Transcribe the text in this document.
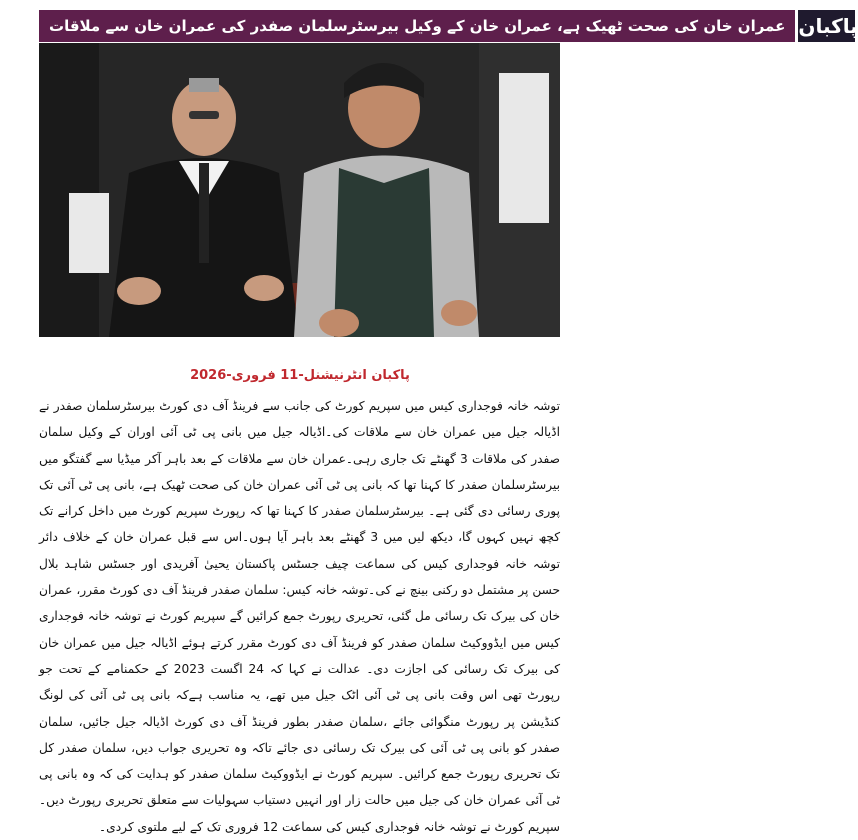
عمران خان کی صحت ٹھیک ہے، عمران خان کے وکیل بیرسٹرسلمان صفدر کی عمران خان سے ملاقات پاکبان
پاکبان انٹرنیشنل-11 فروری-2026
توشہ خانہ فوجداری کیس میں سپریم کورٹ کی جانب سے فرینڈ آف دی کورٹ بیرسٹرسلمان صفدر نے اڈیالہ جیل میں عمران خان سے ملاقات کی۔اڈیالہ جیل میں بانی پی ٹی آئی اوران کے وکیل سلمان صفدر کی ملاقات 3 گھنٹے تک جاری رہی۔عمران خان سے ملاقات کے بعد باہر آکر میڈیا سے گفتگو میں بیرسٹرسلمان صفدر کا کہنا تھا کہ بانی پی ٹی آئی عمران خان کی صحت ٹھیک ہے، بانی پی ٹی آئی تک پوری رسائی دی گئی ہے۔ بیرسٹرسلمان صفدر کا کہنا تھا کہ رپورٹ سپریم کورٹ میں داخل کرانے تک کچھ نہیں کہوں گا، دیکھ لیں میں 3 گھنٹے بعد باہر آیا ہوں۔اس سے قبل عمران خان کے خلاف دائر توشہ خانہ فوجداری کیس کی سماعت چیف جسٹس پاکستان یحییٰ آفریدی اور جسٹس شاہد بلال حسن پر مشتمل دو رکنی بینچ نے کی۔توشہ خانہ کیس: سلمان صفدر فرینڈ آف دی کورٹ مقرر، عمران خان کی بیرک تک رسائی مل گئی، تحریری رپورٹ جمع کرائیں گے سپریم کورٹ نے توشہ خانہ فوجداری کیس میں ایڈووکیٹ سلمان صفدر کو فرینڈ آف دی کورٹ مقرر کرتے ہوئے اڈیالہ جیل میں عمران خان کی بیرک تک رسائی کی اجازت دی۔ عدالت نے کہا کہ 24 اگست 2023 کے حکمنامے کے تحت جو رپورٹ تھی اس وقت بانی پی ٹی آئی اٹک جیل میں تھے، یہ مناسب ہےکہ بانی پی ٹی آئی کی لونگ کنڈیشن پر رپورٹ منگوائی جائے ،سلمان صفدر بطور فرینڈ آف دی کورٹ اڈیالہ جیل جائیں، سلمان صفدر کو بانی پی ٹی آئی کی بیرک تک رسائی دی جائے تاکہ وہ تحریری جواب دیں، سلمان صفدر کل تک تحریری رپورٹ جمع کرائیں۔ سپریم کورٹ نے ایڈووکیٹ سلمان صفدر کو ہدایت کی کہ وہ بانی پی ٹی آئی عمران خان کی جیل میں حالت زار اور انہیں دستیاب سہولیات سے متعلق تحریری رپورٹ دیں۔ سپریم کورٹ نے توشہ خانہ فوجداری کیس کی سماعت 12 فروری تک کے لیے ملتوی کردی۔
